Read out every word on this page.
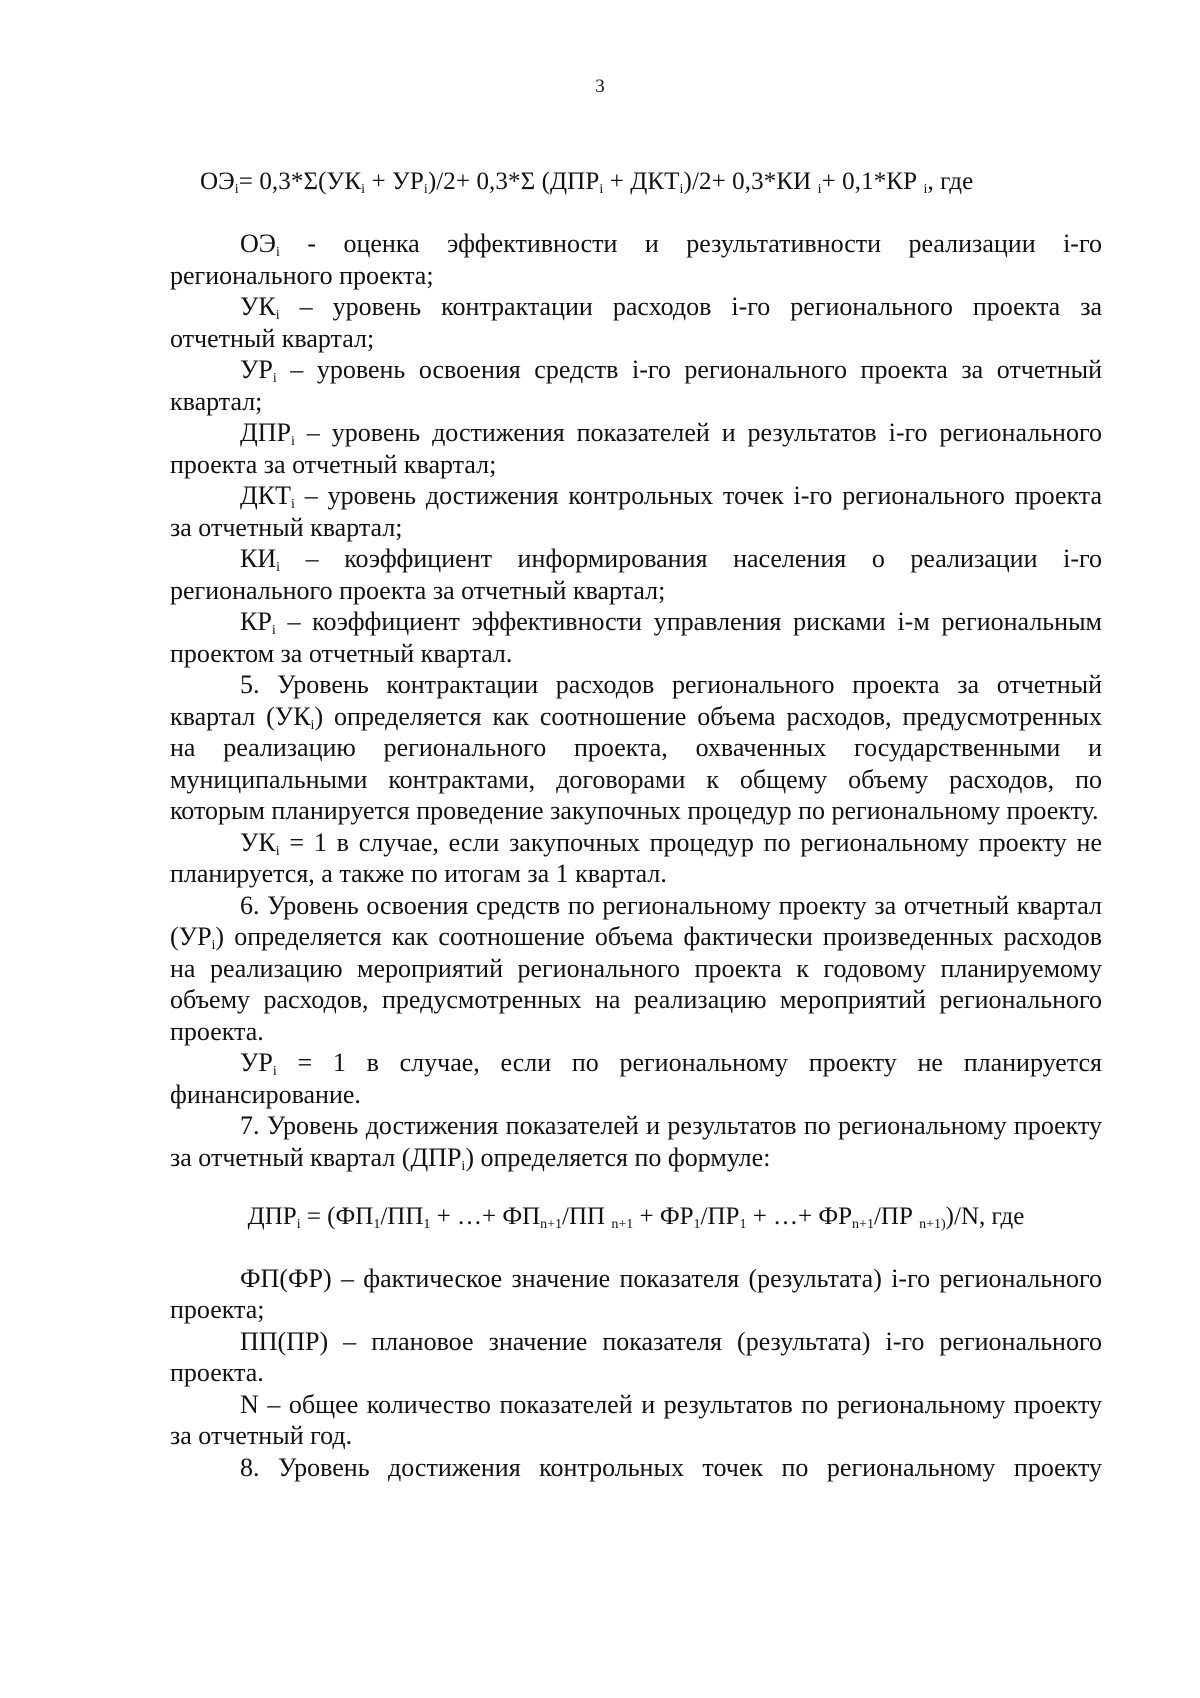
3
$ОЭ_i= 0,3*\Sigma(УК_i + УР_i)/2+ 0,3*\Sigma$ $(ДПР_i + ДКТ_i)/2+ 0,3*КИ$ $_i$+ 0,1*КР $_i$, где

$ОЭ_i$ - оценка эффективности и результативности реализации i-го регионального проекта;

$УК_i$ – уровень контрактации расходов i-го регионального проекта за отчетный квартал;

$УР_i$ – уровень освоения средств i-го регионального проекта за отчетный квартал;

$ДПР_i$ – уровень достижения показателей и результатов i-го регионального проекта за отчетный квартал;

$ДКТ_i$ – уровень достижения контрольных точек i-го регионального проекта за отчетный квартал;

$КИ_i$ – коэффициент информирования населения о реализации i-го регионального проекта за отчетный квартал;

$КР_i$ – коэффициент эффективности управления рисками i-м региональным проектом за отчетный квартал.

5. Уровень контрактации расходов регионального проекта за отчетный квартал $(УК_i)$ определяется как соотношение объема расходов, предусмотренных на реализацию регионального проекта, охваченных государственными и муниципальными контрактами, договорами к общему объему расходов, по которым планируется проведение закупочных процедур по региональному проекту.

$УК_i = 1$ в случае, если закупочных процедур по региональному проекту не планируется, а также по итогам за 1 квартал.

6. Уровень освоения средств по региональному проекту за отчетный квартал $(УР_i)$ определяется как соотношение объема фактически произведенных расходов на реализацию мероприятий регионального проекта к годовому планируемому объему расходов, предусмотренных на реализацию мероприятий регионального проекта.

$УР_i = 1$ в случае, если по региональному проекту не планируется финансирование.

7. Уровень достижения показателей и результатов по региональному проекту за отчетный квартал $(ДПР_i)$ определяется по формуле:

$ДПР_i = (ФП_1/ПП_1$ + …+ $ФП_{n+1}/ПП$ $_{n+1} + ФР_1/ПР_1$ + …+ $ФР_{n+1}/ПР$ $_{n+1)}$)/N, где

ФП(ФР) – фактическое значение показателя (результата) i-го регионального проекта;

ПП(ПР) – плановое значение показателя (результата) i-го регионального проекта.

N – общее количество показателей и результатов по региональному проекту за отчетный год.

8. Уровень достижения контрольных точек по региональному проекту
